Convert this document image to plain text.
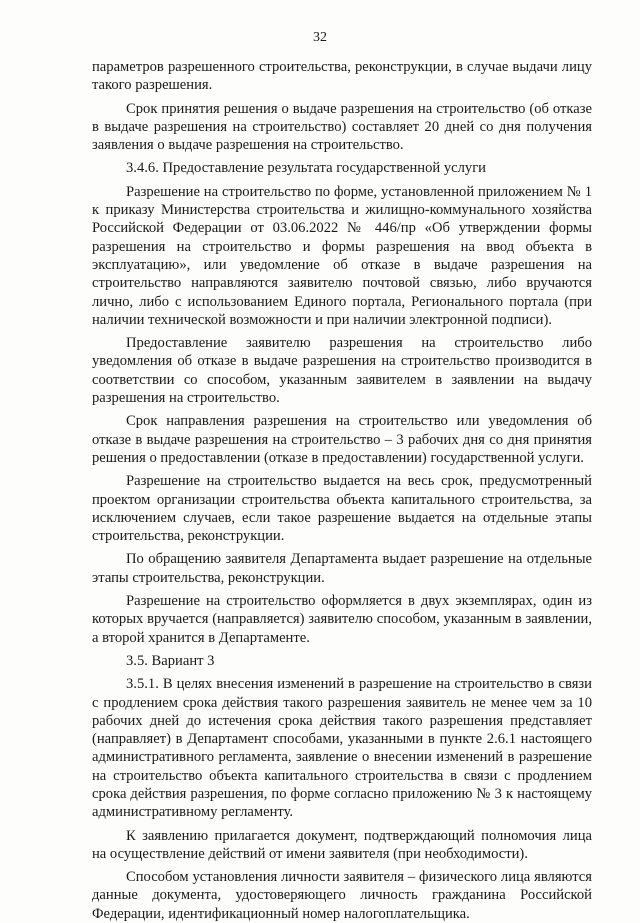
32

параметров разрешенного строительства, реконструкции, в случае выдачи лицу такого разрешения.

Срок принятия решения о выдаче разрешения на строительство (об отказе в выдаче разрешения на строительство) составляет 20 дней со дня получения заявления о выдаче разрешения на строительство.

3.4.6. Предоставление результата государственной услуги

Разрешение на строительство по форме, установленной приложением № 1 к приказу Министерства строительства и жилищно-коммунального хозяйства Российской Федерации от 03.06.2022 № 446/пр «Об утверждении формы разрешения на строительство и формы разрешения на ввод объекта в эксплуатацию», или уведомление об отказе в выдаче разрешения на строительство направляются заявителю почтовой связью, либо вручаются лично, либо с использованием Единого портала, Регионального портала (при наличии технической возможности и при наличии электронной подписи).

Предоставление заявителю разрешения на строительство либо уведомления об отказе в выдаче разрешения на строительство производится в соответствии со способом, указанным заявителем в заявлении на выдачу разрешения на строительство.

Срок направления разрешения на строительство или уведомления об отказе в выдаче разрешения на строительство – 3 рабочих дня со дня принятия решения о предоставлении (отказе в предоставлении) государственной услуги.

Разрешение на строительство выдается на весь срок, предусмотренный проектом организации строительства объекта капитального строительства, за исключением случаев, если такое разрешение выдается на отдельные этапы строительства, реконструкции.

По обращению заявителя Департамента выдает разрешение на отдельные этапы строительства, реконструкции.

Разрешение на строительство оформляется в двух экземплярах, один из которых вручается (направляется) заявителю способом, указанным в заявлении, а второй хранится в Департаменте.

3.5. Вариант 3

3.5.1. В целях внесения изменений в разрешение на строительство в связи с продлением срока действия такого разрешения заявитель не менее чем за 10 рабочих дней до истечения срока действия такого разрешения представляет (направляет) в Департамент способами, указанными в пункте 2.6.1 настоящего административного регламента, заявление о внесении изменений в разрешение на строительство объекта капитального строительства в связи с продлением срока действия разрешения, по форме согласно приложению № 3 к настоящему административному регламенту.

К заявлению прилагается документ, подтверждающий полномочия лица на осуществление действий от имени заявителя (при необходимости).

Способом установления личности заявителя – физического лица являются данные документа, удостоверяющего личность гражданина Российской Федерации, идентификационный номер налогоплательщика.
